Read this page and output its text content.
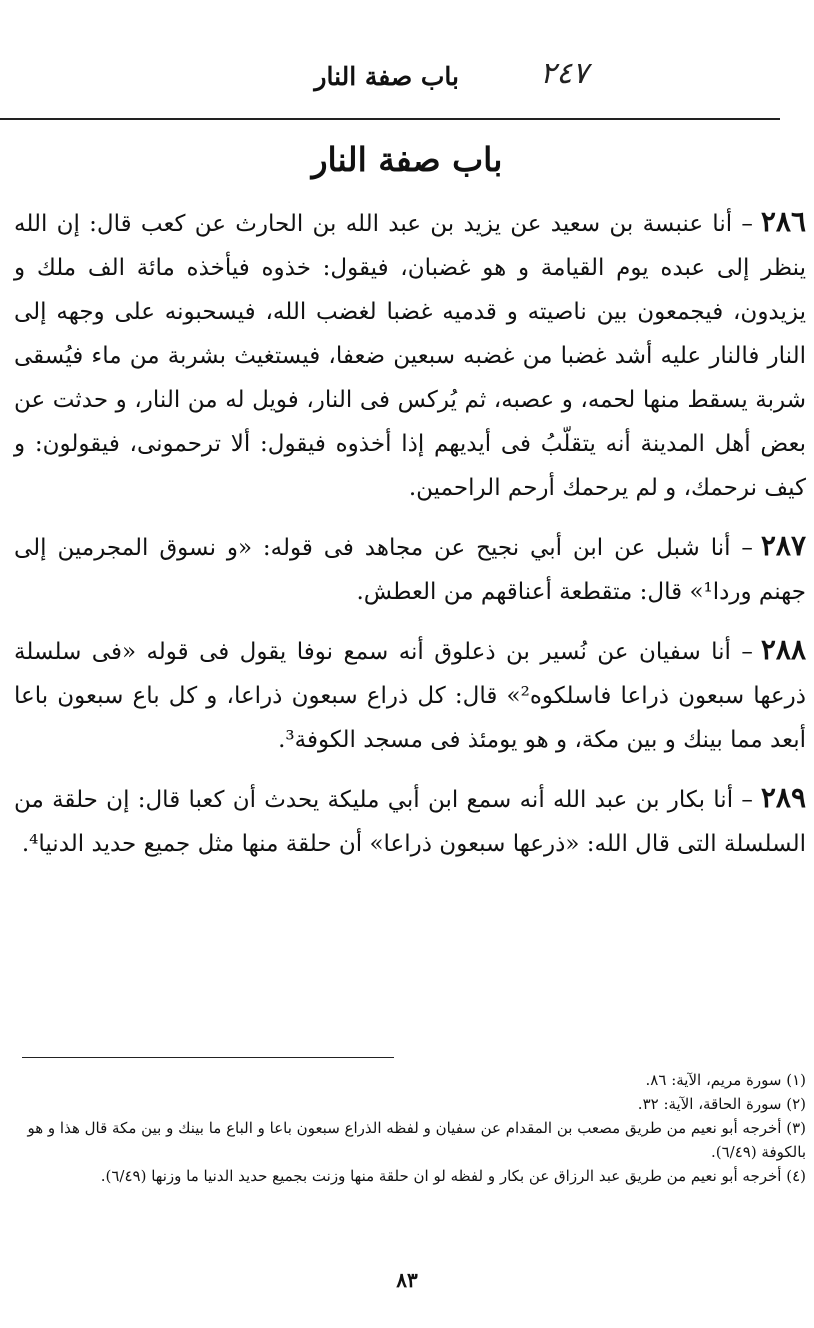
باب صفة النار	٢٤٧
باب صفة النار

٢٨٦– أنا عنبسة بن سعيد عن يزيد بن عبد الله بن الحارث عن كعب قال: إن الله ينظر إلى عبده يوم القيامة و هو غضبان، فيقول: خذوه فيأخذه مائة الف ملك و يزيدون، فيجمعون بين ناصيته و قدميه غضبا لغضب الله، فيسحبونه على وجهه إلى النار فالنار عليه أشد غضبا من غضبه سبعين ضعفا، فيستغيث بشربة من ماء فيُسقى شربة يسقط منها لحمه، و عصبه، ثم يُركس فى النار، فويل له من النار، و حدثت عن بعض أهل المدينة أنه يتقلّبُ فى أيديهم إذا أخذوه فيقول: ألا ترحمونى، فيقولون: و كيف نرحمك، و لم يرحمك أرحم الراحمين.

٢٨٧– أنا شبل عن ابن أبي نجيح عن مجاهد فى قوله: «و نسوق المجرمين إلى جهنم وردا¹» قال: متقطعة أعناقهم من العطش.

٢٨٨– أنا سفيان عن نُسير بن ذعلوق أنه سمع نوفا يقول فى قوله «فى سلسلة ذرعها سبعون ذراعا فاسلكوه²» قال: كل ذراع سبعون ذراعا، و كل باع سبعون باعا أبعد مما بينك و بين مكة، و هو يومئذ فى مسجد الكوفة³.

٢٨٩– أنا بكار بن عبد الله أنه سمع ابن أبي مليكة يحدث أن كعبا قال: إن حلقة من السلسلة التى قال الله: «ذرعها سبعون ذراعا» أن حلقة منها مثل جميع حديد الدنيا⁴.

(١) سورة مريم، الآية: ٨٦.

(٢) سورة الحاقة، الآية: ٣٢.

(٣) أخرجه أبو نعيم من طريق مصعب بن المقدام عن سفيان و لفظه الذراع سبعون باعا و الباع ما بينك و بين مكة قال هذا و هو بالكوفة (٦/٤٩).

(٤) أخرجه أبو نعيم من طريق عبد الرزاق عن بكار و لفظه لو ان حلقة منها وزنت بجميع حديد الدنيا ما وزنها (٦/٤٩).

٨٣
